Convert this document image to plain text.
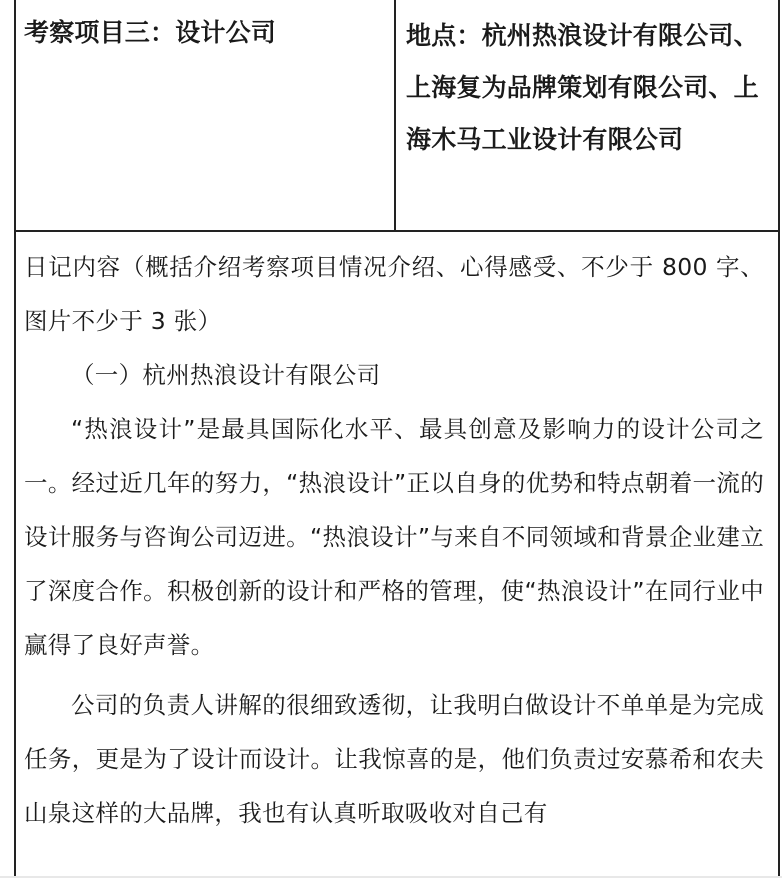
考察项目三：设计公司	地点：杭州热浪设计有限公司、上海复为品牌策划有限公司、上海木马工业设计有限公司

日记内容（概括介绍考察项目情况介绍、心得感受、不少于 800 字、图片不少于 3 张）

（一）杭州热浪设计有限公司

“热浪设计”是最具国际化水平、最具创意及影响力的设计公司之一。经过近几年的努力，“热浪设计”正以自身的优势和特点朝着一流的设计服务与咨询公司迈进。“热浪设计”与来自不同领域和背景企业建立了深度合作。积极创新的设计和严格的管理，使“热浪设计”在同行业中赢得了良好声誉。

公司的负责人讲解的很细致透彻，让我明白做设计不单单是为完成任务，更是为了设计而设计。让我惊喜的是，他们负责过安慕希和农夫山泉这样的大品牌，我也有认真听取吸收对自己有
